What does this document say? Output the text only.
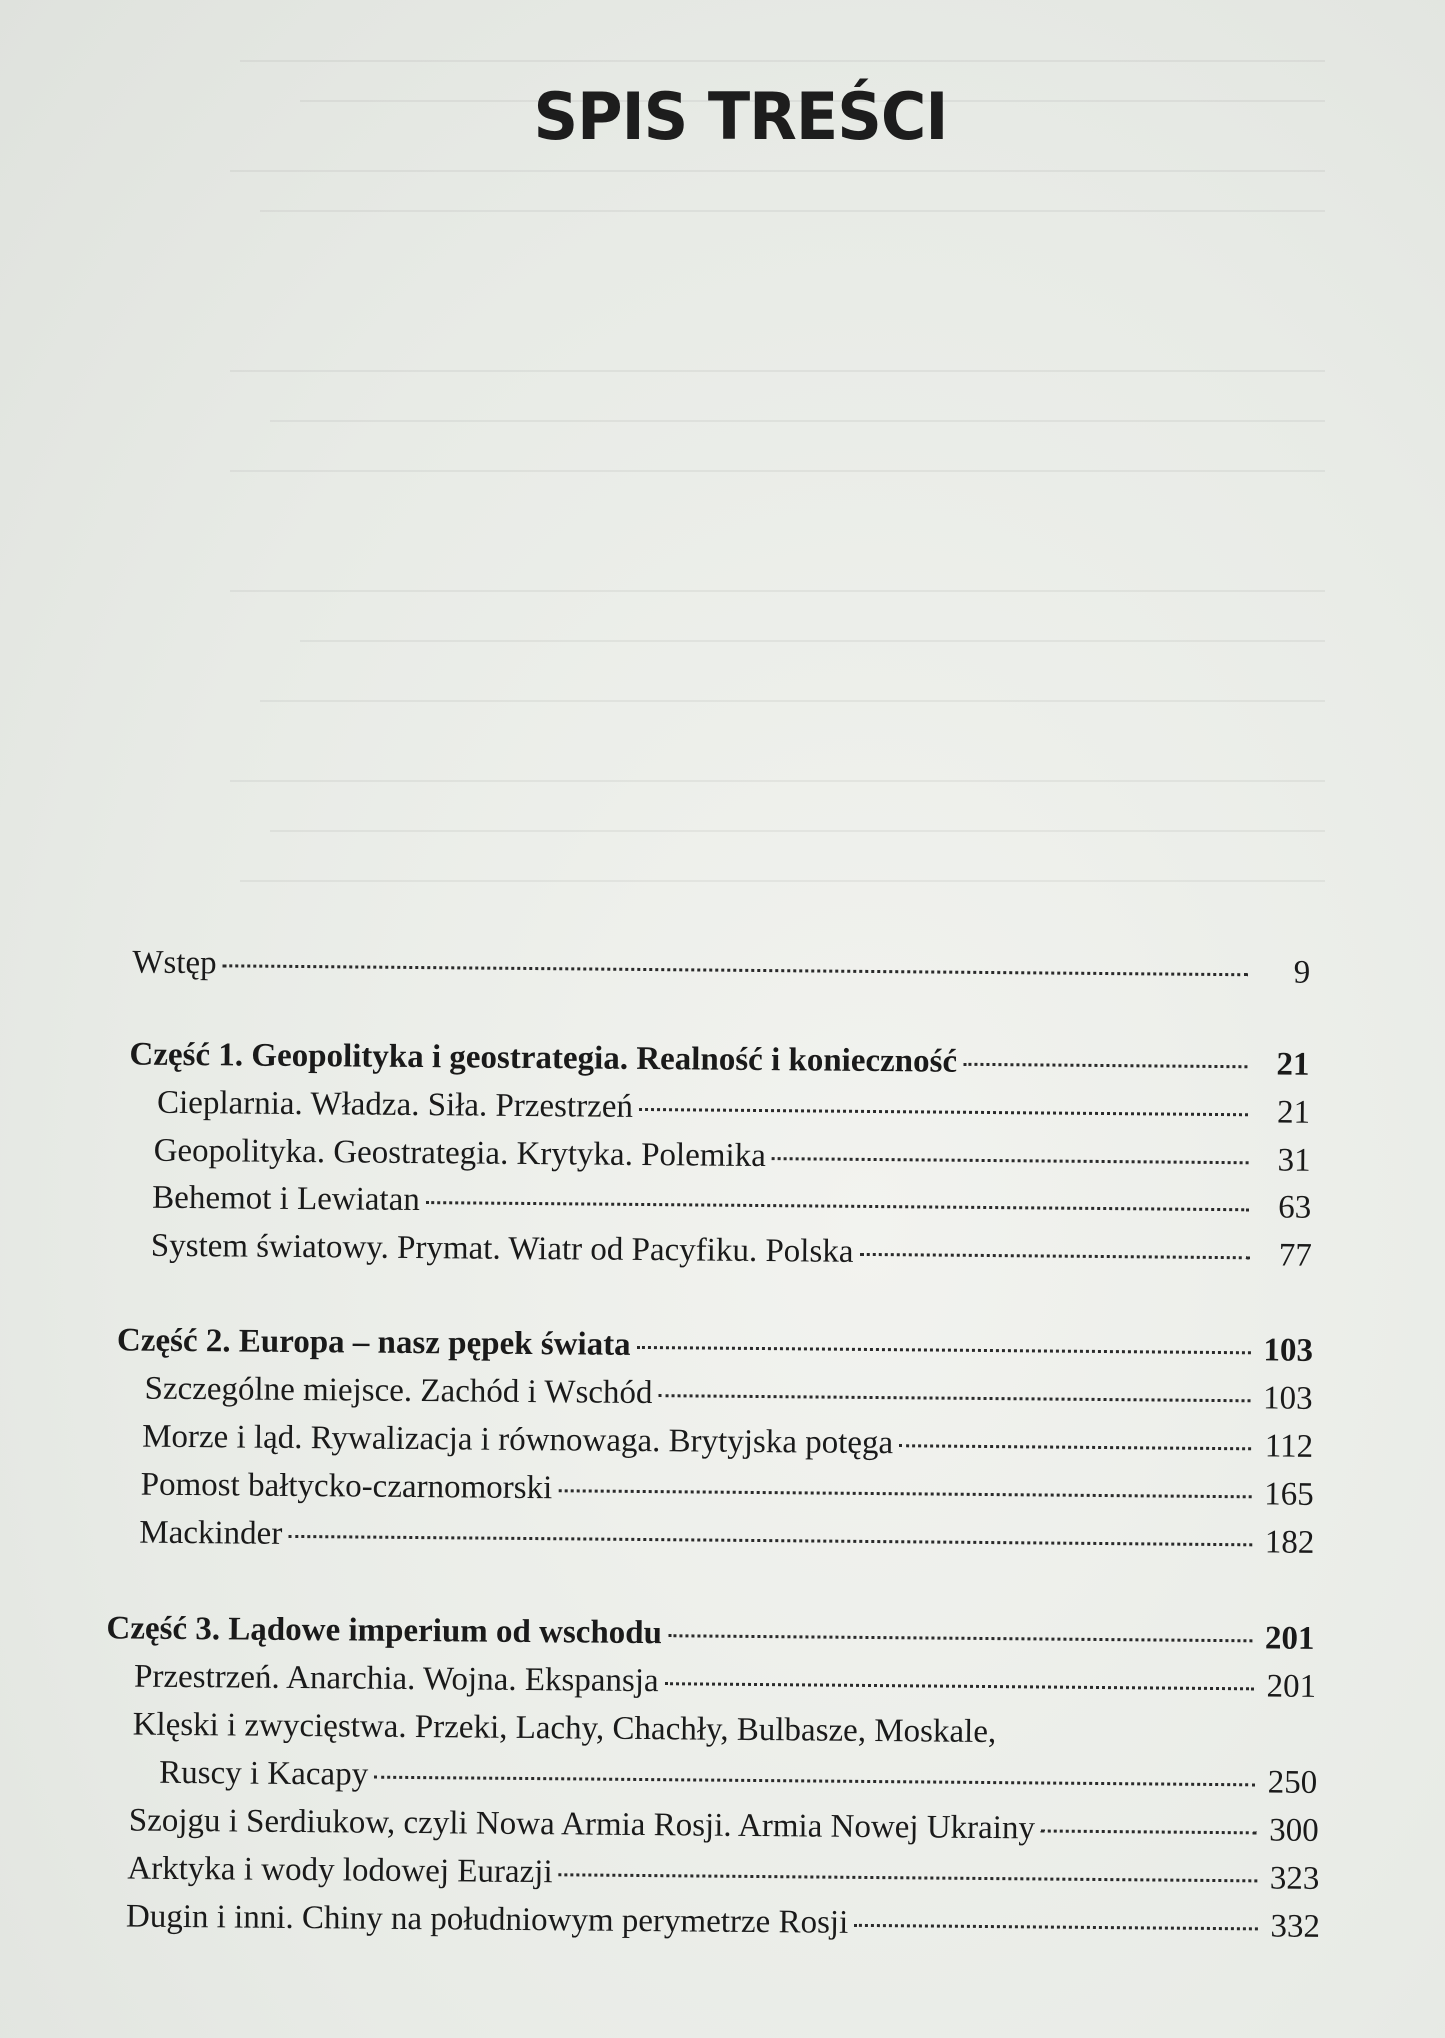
SPIS TREŚCI
Wstęp	9
Część 1. Geopolityka i geostrategia. Realność i konieczność	21
Cieplarnia. Władza. Siła. Przestrzeń	21
Geopolityka. Geostrategia. Krytyka. Polemika	31
Behemot i Lewiatan	63
System światowy. Prymat. Wiatr od Pacyfiku. Polska	77
Część 2. Europa – nasz pępek świata	103
Szczególne miejsce. Zachód i Wschód	103
Morze i ląd. Rywalizacja i równowaga. Brytyjska potęga	112
Pomost bałtycko-czarnomorski	165
Mackinder	182
Część 3. Lądowe imperium od wschodu	201
Przestrzeń. Anarchia. Wojna. Ekspansja	201
Klęski i zwycięstwa. Przeki, Lachy, Chachły, Bulbasze, Moskale,
Ruscy i Kacapy	250
Szojgu i Serdiukow, czyli Nowa Armia Rosji. Armia Nowej Ukrainy	300
Arktyka i wody lodowej Eurazji	323
Dugin i inni. Chiny na południowym perymetrze Rosji	332
